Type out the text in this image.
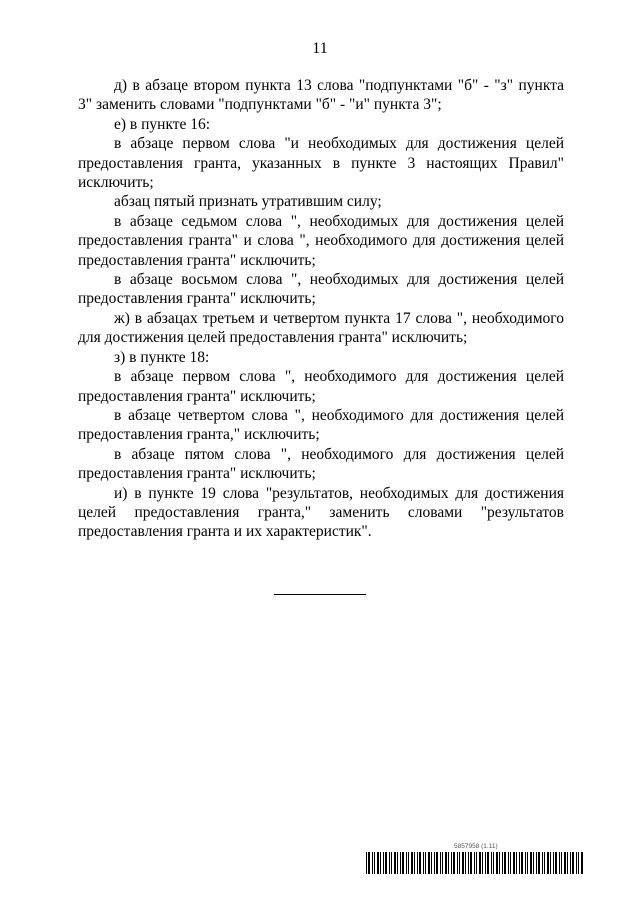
11

д) в абзаце втором пункта 13 слова "подпунктами "б" - "з" пункта 3" заменить словами "подпунктами "б" - "и" пункта 3";

е) в пункте 16:

в абзаце первом слова "и необходимых для достижения целей предоставления гранта, указанных в пункте 3 настоящих Правил" исключить;

абзац пятый признать утратившим силу;

в абзаце седьмом слова ", необходимых для достижения целей предоставления гранта" и слова ", необходимого для достижения целей предоставления гранта" исключить;

в абзаце восьмом слова ", необходимых для достижения целей предоставления гранта" исключить;

ж) в абзацах третьем и четвертом пункта 17 слова ", необходимого для достижения целей предоставления гранта" исключить;

з) в пункте 18:

в абзаце первом слова ", необходимого для достижения целей предоставления гранта" исключить;

в абзаце четвертом слова ", необходимого для достижения целей предоставления гранта," исключить;

в абзаце пятом слова ", необходимого для достижения целей предоставления гранта" исключить;

и) в пункте 19 слова "результатов, необходимых для достижения целей предоставления гранта," заменить словами "результатов предоставления гранта и их характеристик".

5857958 (1.11)
